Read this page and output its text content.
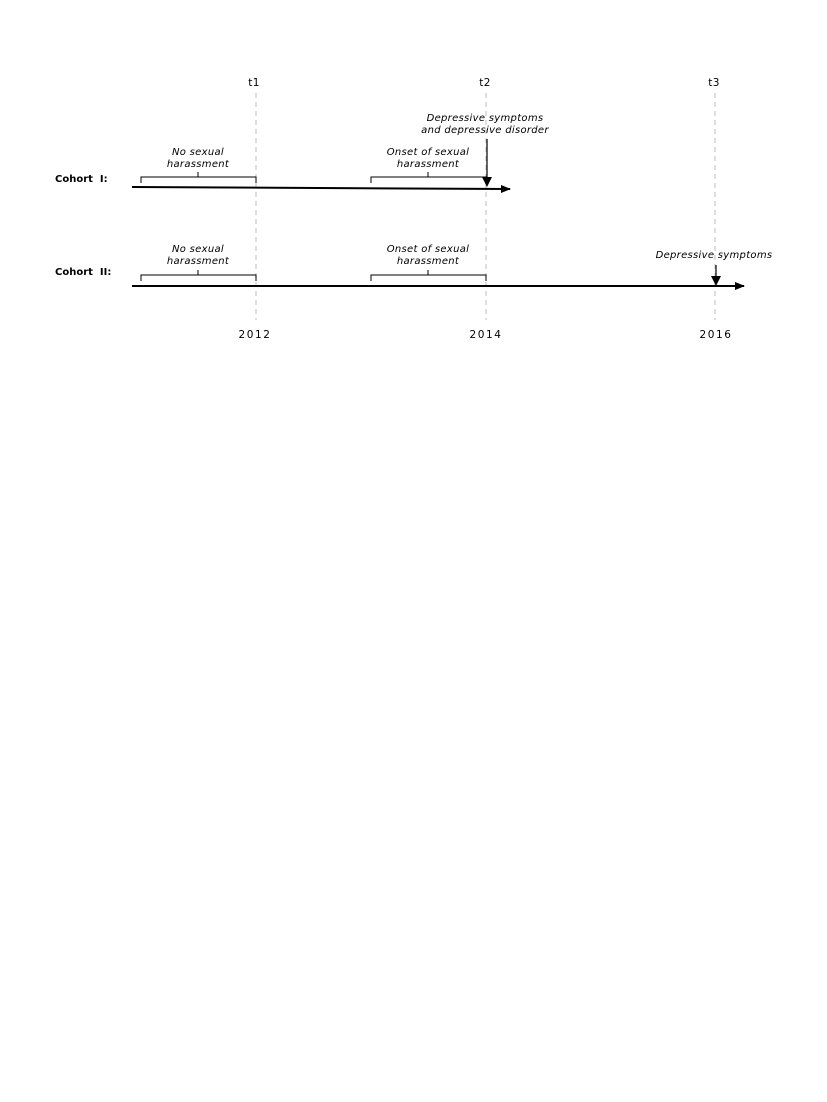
t1	t2	t3
2012	2014	2016
Cohort  I:
No sexual
harassment
Onset of sexual
harassment
Depressive symptoms
and depressive disorder
Cohort  II:
No sexual
harassment
Onset of sexual
harassment
Depressive symptoms
